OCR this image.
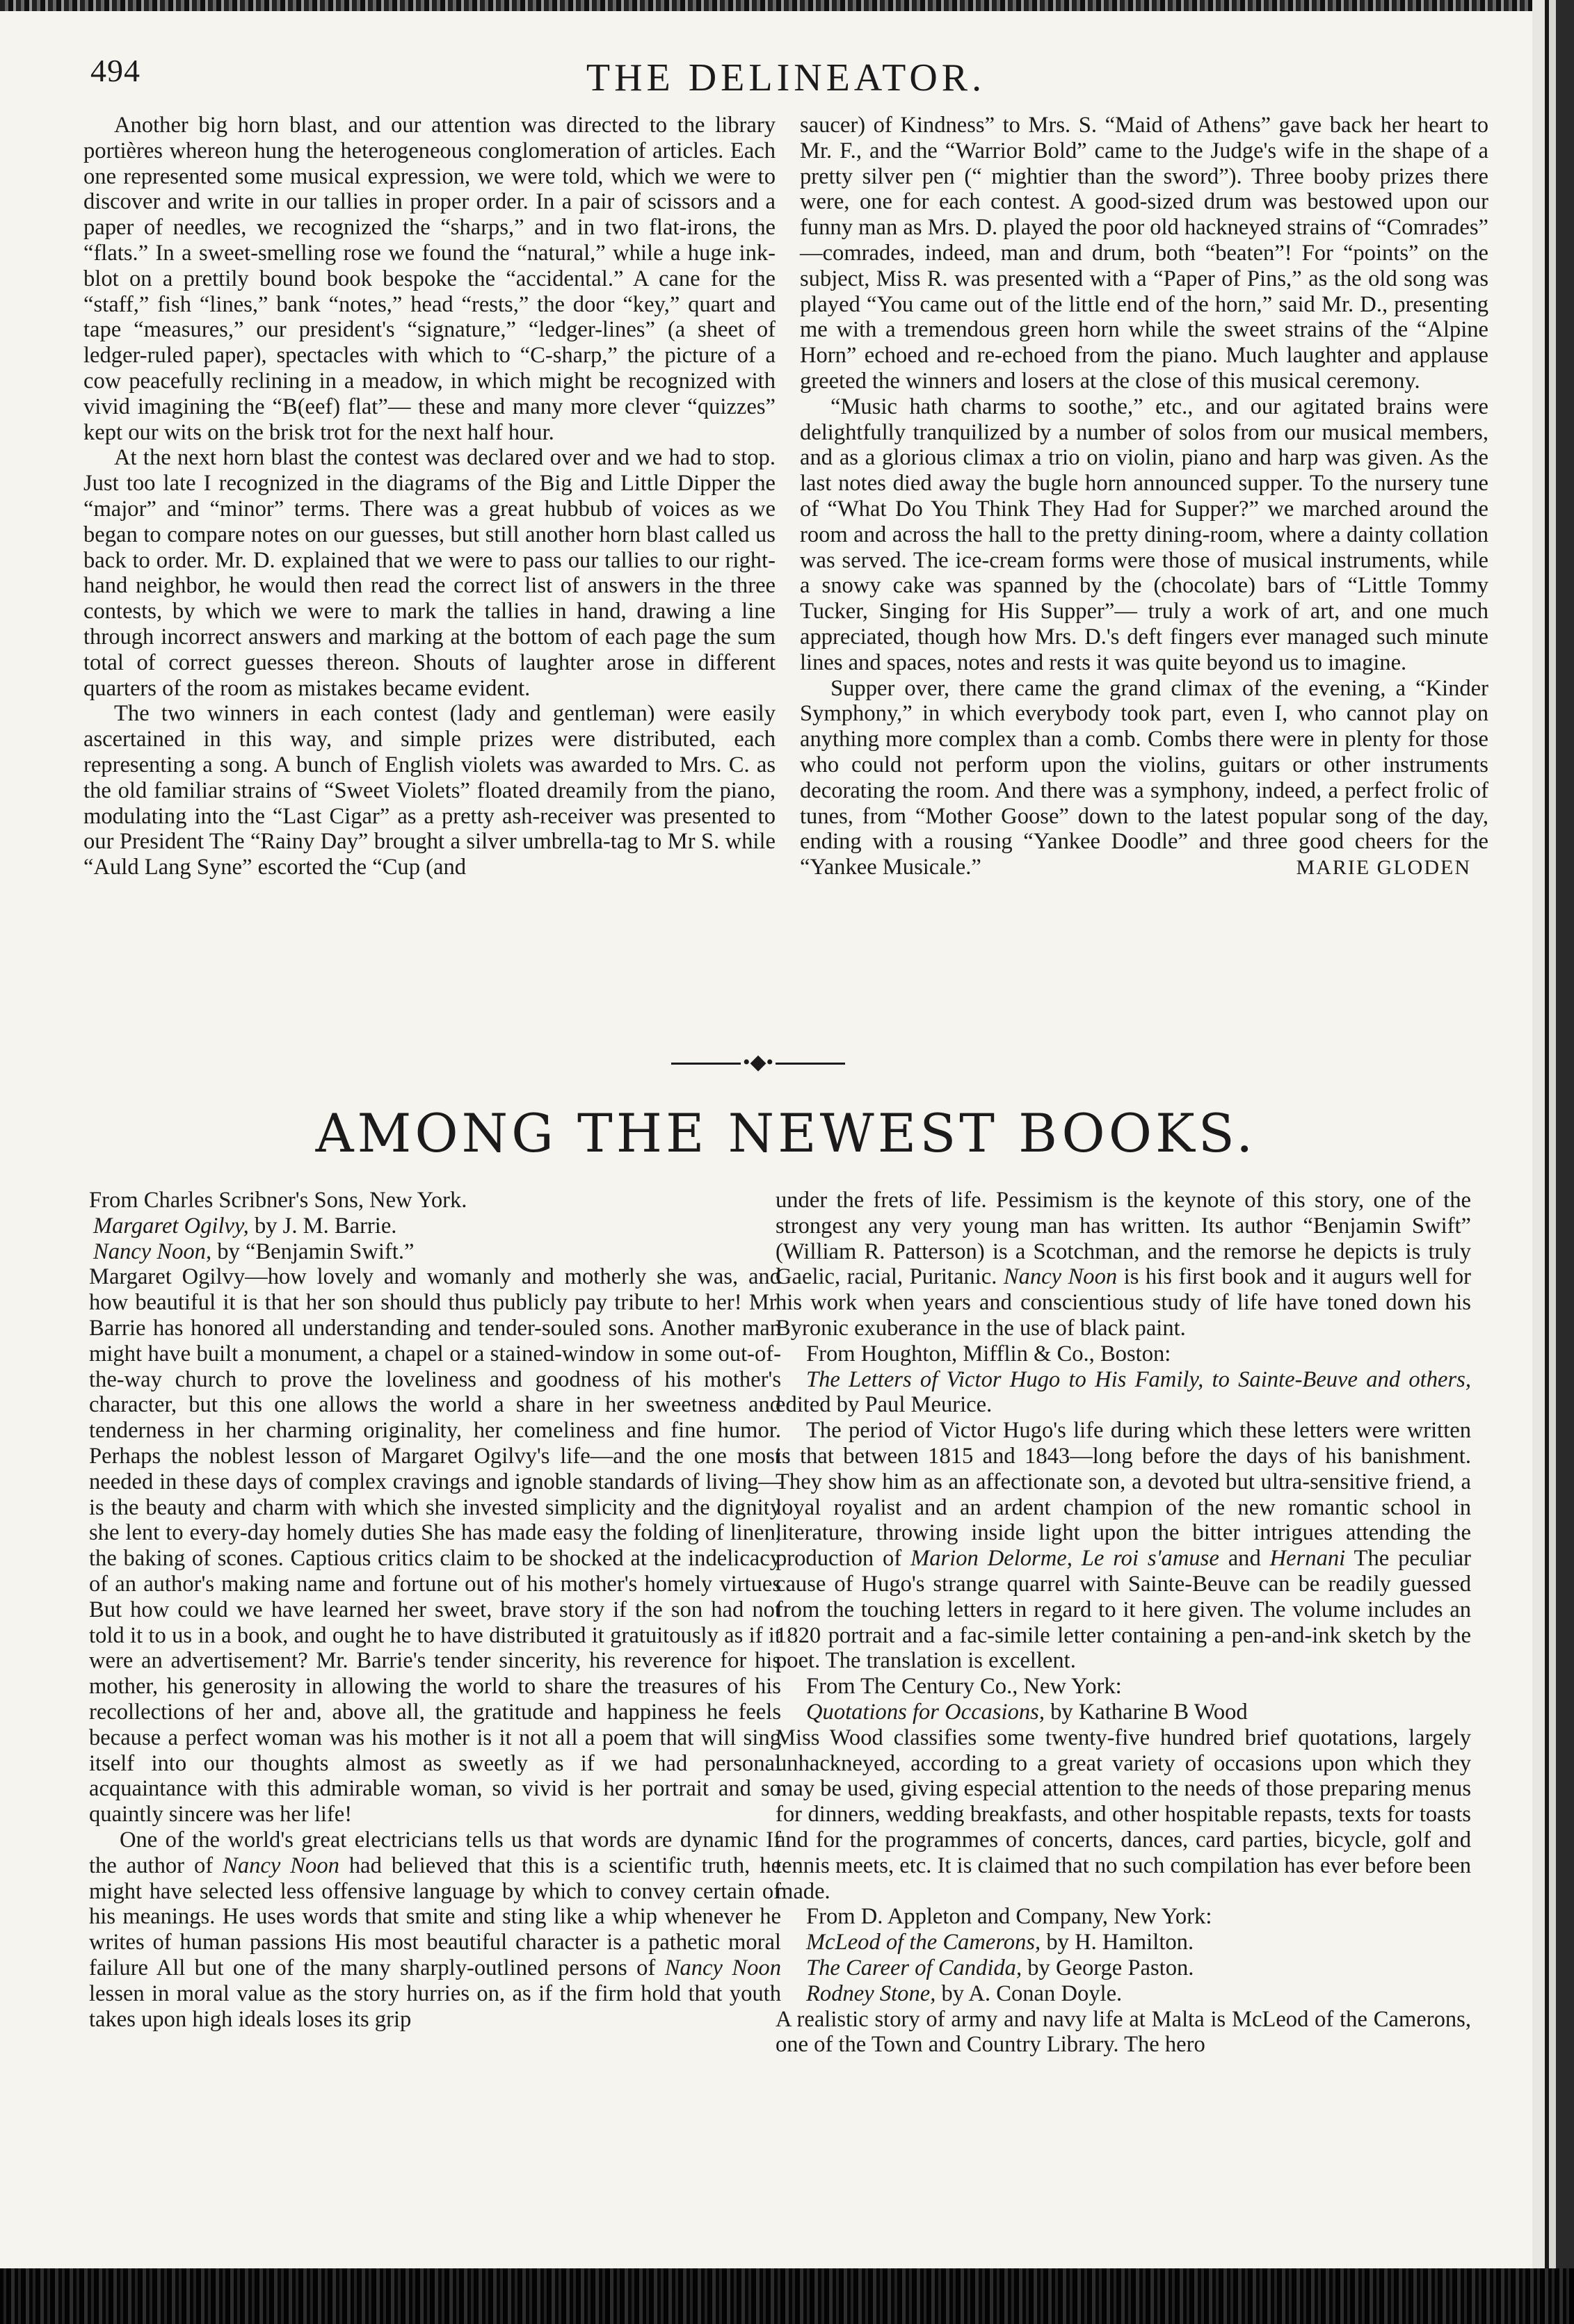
494	THE DELINEATOR.

Another big horn blast, and our attention was directed to the library portières whereon hung the heterogeneous conglomeration of articles. Each one represented some musical expression, we were told, which we were to discover and write in our tallies in proper order. In a pair of scissors and a paper of needles, we recognized the “sharps,” and in two flat-irons, the “flats.” In a sweet-smelling rose we found the “natural,” while a huge ink-blot on a prettily bound book bespoke the “accidental.” A cane for the “staff,” fish “lines,” bank “notes,” head “rests,” the door “key,” quart and tape “measures,” our president's “signature,” “ledger-lines” (a sheet of ledger-ruled paper), spectacles with which to “C-sharp,” the picture of a cow peacefully reclining in a meadow, in which might be recognized with vivid imagining the “B(eef) flat”— these and many more clever “quizzes” kept our wits on the brisk trot for the next half hour.

At the next horn blast the contest was declared over and we had to stop. Just too late I recognized in the diagrams of the Big and Little Dipper the “major” and “minor” terms. There was a great hubbub of voices as we began to compare notes on our guesses, but still another horn blast called us back to order. Mr. D. explained that we were to pass our tallies to our right-hand neighbor, he would then read the correct list of answers in the three contests, by which we were to mark the tallies in hand, drawing a line through incorrect answers and marking at the bottom of each page the sum total of correct guesses thereon. Shouts of laughter arose in different quarters of the room as mistakes became evident.

The two winners in each contest (lady and gentleman) were easily ascertained in this way, and simple prizes were distributed, each representing a song. A bunch of English violets was awarded to Mrs. C. as the old familiar strains of “Sweet Violets” floated dreamily from the piano, modulating into the “Last Cigar” as a pretty ash-receiver was presented to our President The “Rainy Day” brought a silver umbrella-tag to Mr S. while “Auld Lang Syne” escorted the “Cup (and

saucer) of Kindness” to Mrs. S. “Maid of Athens” gave back her heart to Mr. F., and the “Warrior Bold” came to the Judge's wife in the shape of a pretty silver pen (“ mightier than the sword”). Three booby prizes there were, one for each contest. A good-sized drum was bestowed upon our funny man as Mrs. D. played the poor old hackneyed strains of “Comrades” —comrades, indeed, man and drum, both “beaten”! For “points” on the subject, Miss R. was presented with a “Paper of Pins,” as the old song was played “You came out of the little end of the horn,” said Mr. D., presenting me with a tremendous green horn while the sweet strains of the “Alpine Horn” echoed and re-echoed from the piano. Much laughter and applause greeted the winners and losers at the close of this musical ceremony.

“Music hath charms to soothe,” etc., and our agitated brains were delightfully tranquilized by a number of solos from our musical members, and as a glorious climax a trio on violin, piano and harp was given. As the last notes died away the bugle horn announced supper. To the nursery tune of “What Do You Think They Had for Supper?” we marched around the room and across the hall to the pretty dining-room, where a dainty collation was served. The ice-cream forms were those of musical instruments, while a snowy cake was spanned by the (chocolate) bars of “Little Tommy Tucker, Singing for His Supper”— truly a work of art, and one much appreciated, though how Mrs. D.'s deft fingers ever managed such minute lines and spaces, notes and rests it was quite beyond us to imagine.

Supper over, there came the grand climax of the evening, a “Kinder Symphony,” in which everybody took part, even I, who cannot play on anything more complex than a comb. Combs there were in plenty for those who could not perform upon the violins, guitars or other instruments decorating the room. And there was a symphony, indeed, a perfect frolic of tunes, from “Mother Goose” down to the latest popular song of the day, ending with a rousing “Yankee Doodle” and three good cheers for the “Yankee Musicale.”	MARIE GLODEN
•◆•
AMONG THE NEWEST BOOKS.

From Charles Scribner's Sons, New York.

Margaret Ogilvy, by J. M. Barrie.

Nancy Noon, by “Benjamin Swift.”

Margaret Ogilvy—how lovely and womanly and motherly she was, and how beautiful it is that her son should thus publicly pay tribute to her! Mr. Barrie has honored all understanding and tender-souled sons. Another man might have built a monument, a chapel or a stained-window in some out-of-the-way church to prove the loveliness and goodness of his mother's character, but this one allows the world a share in her sweetness and tenderness in her charming originality, her comeliness and fine humor. Perhaps the noblest lesson of Margaret Ogilvy's life—and the one most needed in these days of complex cravings and ignoble standards of living—is the beauty and charm with which she invested simplicity and the dignity she lent to every-day homely duties She has made easy the folding of linen, the baking of scones. Captious critics claim to be shocked at the indelicacy of an author's making name and fortune out of his mother's homely virtues But how could we have learned her sweet, brave story if the son had not told it to us in a book, and ought he to have distributed it gratuitously as if it were an advertisement? Mr. Barrie's tender sincerity, his reverence for his mother, his generosity in allowing the world to share the treasures of his recollections of her and, above all, the gratitude and happiness he feels because a perfect woman was his mother is it not all a poem that will sing itself into our thoughts almost as sweetly as if we had personal acquaintance with this admirable woman, so vivid is her portrait and so quaintly sincere was her life!

One of the world's great electricians tells us that words are dynamic If the author of Nancy Noon had believed that this is a scientific truth, he might have selected less offensive language by which to convey certain of his meanings. He uses words that smite and sting like a whip whenever he writes of human passions His most beautiful character is a pathetic moral failure All but one of the many sharply-outlined persons of Nancy Noon lessen in moral value as the story hurries on, as if the firm hold that youth takes upon high ideals loses its grip

under the frets of life. Pessimism is the keynote of this story, one of the strongest any very young man has written. Its author “Benjamin Swift” (William R. Patterson) is a Scotchman, and the remorse he depicts is truly Gaelic, racial, Puritanic. Nancy Noon is his first book and it augurs well for his work when years and conscientious study of life have toned down his Byronic exuberance in the use of black paint.

From Houghton, Mifflin & Co., Boston:

The Letters of Victor Hugo to His Family, to Sainte-Beuve and others, edited by Paul Meurice.

The period of Victor Hugo's life during which these letters were written is that between 1815 and 1843—long before the days of his banishment. They show him as an affectionate son, a devoted but ultra-sensitive friend, a loyal royalist and an ardent champion of the new romantic school in literature, throwing inside light upon the bitter intrigues attending the production of Marion Delorme, Le roi s'amuse and Hernani The peculiar cause of Hugo's strange quarrel with Sainte-Beuve can be readily guessed from the touching letters in regard to it here given. The volume includes an 1820 portrait and a fac-simile letter containing a pen-and-ink sketch by the poet. The translation is excellent.

From The Century Co., New York:

Quotations for Occasions, by Katharine B Wood

Miss Wood classifies some twenty-five hundred brief quotations, largely unhackneyed, according to a great variety of occasions upon which they may be used, giving especial attention to the needs of those preparing menus for dinners, wedding breakfasts, and other hospitable repasts, texts for toasts and for the programmes of concerts, dances, card parties, bicycle, golf and tennis meets, etc. It is claimed that no such compilation has ever before been made.

From D. Appleton and Company, New York:

McLeod of the Camerons, by H. Hamilton.

The Career of Candida, by George Paston.

Rodney Stone, by A. Conan Doyle.

A realistic story of army and navy life at Malta is McLeod of the Camerons, one of the Town and Country Library. The hero
